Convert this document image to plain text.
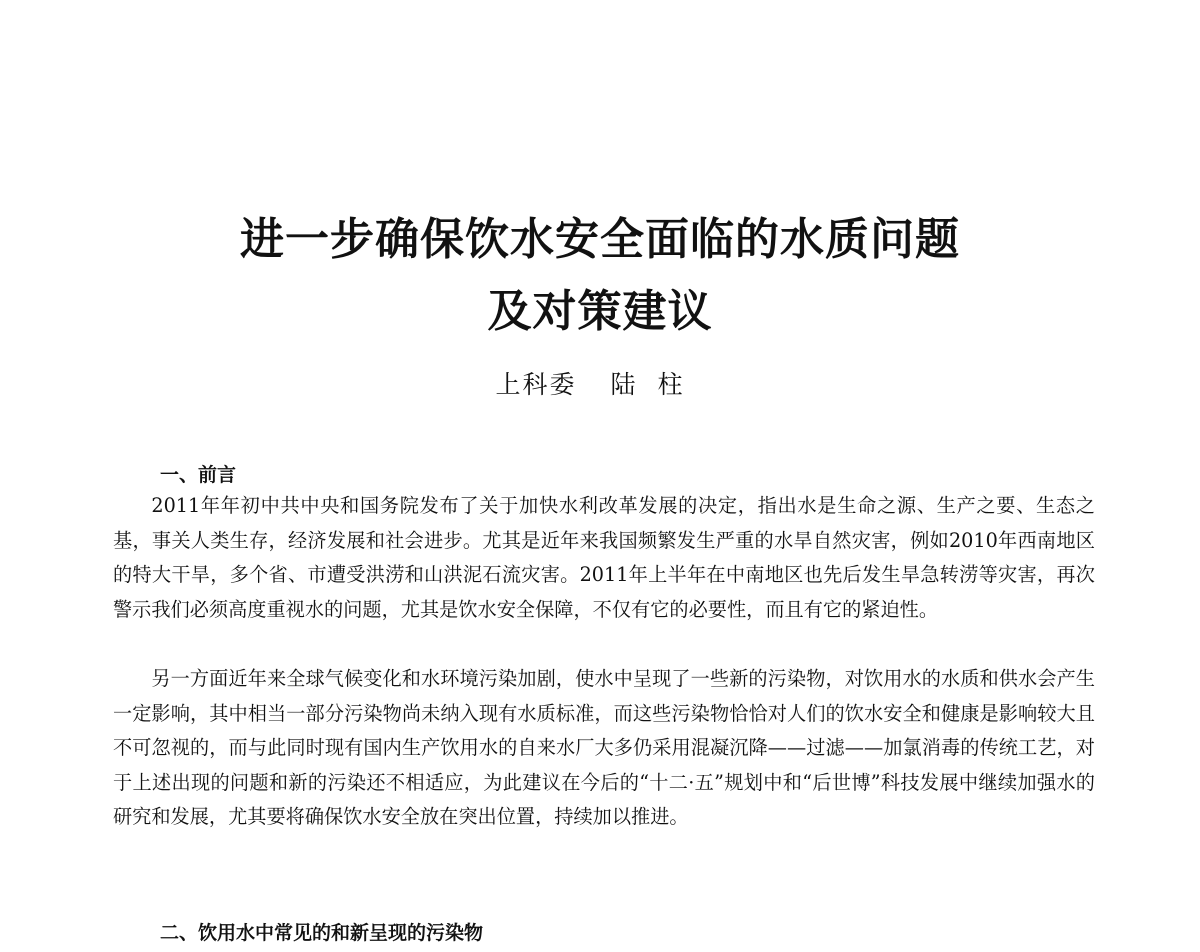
进一步确保饮水安全面临的水质问题
及对策建议
上科委 陆柱
一、前言

2011年年初中共中央和国务院发布了关于加快水利改革发展的决定，指出水是生命之源、生产之要、生态之基，事关人类生存，经济发展和社会进步。尤其是近年来我国频繁发生严重的水旱自然灾害，例如2010年西南地区的特大干旱，多个省、市遭受洪涝和山洪泥石流灾害。2011年上半年在中南地区也先后发生旱急转涝等灾害，再次警示我们必须高度重视水的问题，尤其是饮水安全保障，不仅有它的必要性，而且有它的紧迫性。

另一方面近年来全球气候变化和水环境污染加剧，使水中呈现了一些新的污染物，对饮用水的水质和供水会产生一定影响，其中相当一部分污染物尚未纳入现有水质标准，而这些污染物恰恰对人们的饮水安全和健康是影响较大且不可忽视的，而与此同时现有国内生产饮用水的自来水厂大多仍采用混凝沉降——过滤——加氯消毒的传统工艺，对于上述出现的问题和新的污染还不相适应，为此建议在今后的“十二·五”规划中和“后世博”科技发展中继续加强水的研究和发展，尤其要将确保饮水安全放在突出位置，持续加以推进。

二、饮用水中常见的和新呈现的污染物
